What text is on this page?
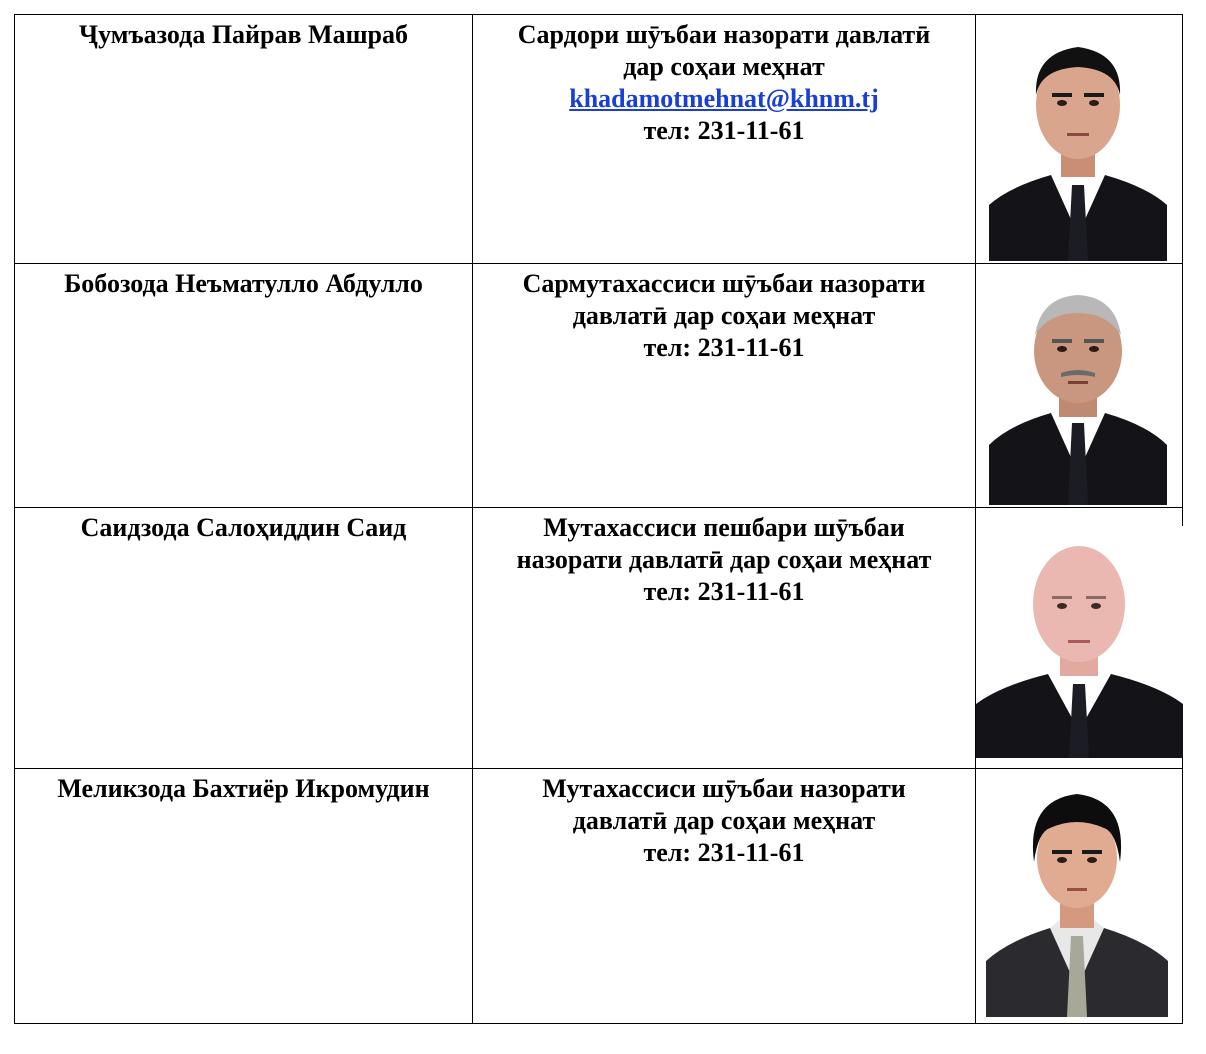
Ҷумъазода Пайрав Машраб	Сардори шӯъбаи назорати давлатӣ
дар соҳаи меҳнат
khadamotmehnat@khnm.tj
тел: 231-11-61

Бобозода Неъматулло Абдулло	Сармутахассиси шӯъбаи назорати
давлатӣ дар соҳаи меҳнат
тел: 231-11-61

Саидзода Салоҳиддин Саид	Мутахассиси пешбари шӯъбаи
назорати давлатӣ дар соҳаи меҳнат
тел: 231-11-61

Меликзода Бахтиёр Икромудин	Мутахассиси шӯъбаи назорати
давлатӣ дар соҳаи меҳнат
тел: 231-11-61
